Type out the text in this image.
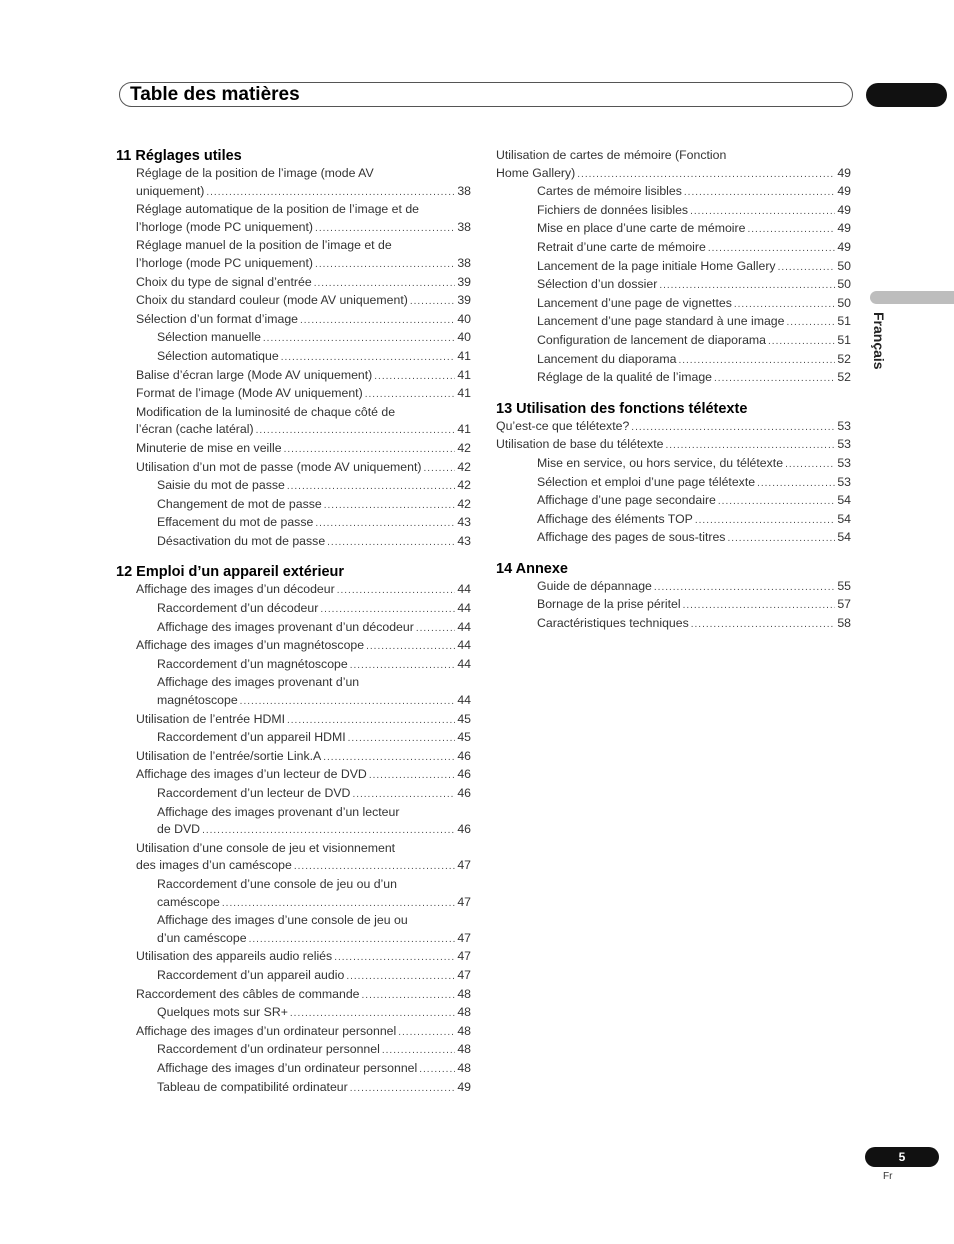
Table des matières
Français
11 Réglages utiles
Réglage de la position de l’image (mode AV
uniquement) .....	38
Réglage automatique de la position de l’image et de
l’horloge (mode PC uniquement) .....	38
Réglage manuel de la position de l’image et de
l’horloge (mode PC uniquement) .....	38
Choix du type de signal d’entrée .....	39
Choix du standard couleur (mode AV uniquement) .....	39
Sélection d’un format d’image .....	40
Sélection manuelle .....	40
Sélection automatique .....	41
Balise d’écran large (Mode AV uniquement) .....	41
Format de l’image (Mode AV uniquement) .....	41
Modification de la luminosité de chaque côté de
l’écran (cache latéral) .....	41
Minuterie de mise en veille .....	42
Utilisation d’un mot de passe (mode AV uniquement) .....	42
Saisie du mot de passe .....	42
Changement de mot de passe .....	42
Effacement du mot de passe .....	43
Désactivation du mot de passe .....	43
12 Emploi d’un appareil extérieur
Affichage des images d’un décodeur .....	44
Raccordement d’un décodeur .....	44
Affichage des images provenant d’un décodeur .....	44
Affichage des images d’un magnétoscope .....	44
Raccordement d’un magnétoscope .....	44
Affichage des images provenant d’un
magnétoscope .....	44
Utilisation de l’entrée HDMI .....	45
Raccordement d’un appareil HDMI .....	45
Utilisation de l’entrée/sortie Link.A .....	46
Affichage des images d’un lecteur de DVD .....	46
Raccordement d’un lecteur de DVD .....	46
Affichage des images provenant d’un lecteur
de DVD .....	46
Utilisation d’une console de jeu et visionnement
des images d’un caméscope .....	47
Raccordement d’une console de jeu ou d’un
caméscope .....	47
Affichage des images d’une console de jeu ou
d’un caméscope .....	47
Utilisation des appareils audio reliés .....	47
Raccordement d’un appareil audio .....	47
Raccordement des câbles de commande .....	48
Quelques mots sur SR+ .....	48
Affichage des images d’un ordinateur personnel .....	48
Raccordement d’un ordinateur personnel .....	48
Affichage des images d’un ordinateur personnel .....	48
Tableau de compatibilité ordinateur .....	49
Utilisation de cartes de mémoire (Fonction
Home Gallery) .....	49
Cartes de mémoire lisibles .....	49
Fichiers de données lisibles .....	49
Mise en place d’une carte de mémoire .....	49
Retrait d’une carte de mémoire .....	49
Lancement de la page initiale Home Gallery .....	50
Sélection d’un dossier .....	50
Lancement d’une page de vignettes .....	50
Lancement d’une page standard à une image .....	51
Configuration de lancement de diaporama .....	51
Lancement du diaporama .....	52
Réglage de la qualité de l’image .....	52
13 Utilisation des fonctions télétexte
Qu’est-ce que télétexte? .....	53
Utilisation de base du télétexte .....	53
Mise en service, ou hors service, du télétexte .....	53
Sélection et emploi d’une page télétexte .....	53
Affichage d’une page secondaire .....	54
Affichage des éléments TOP .....	54
Affichage des pages de sous-titres .....	54
14 Annexe
Guide de dépannage .....	55
Bornage de la prise péritel .....	57
Caractéristiques techniques .....	58
5
Fr
